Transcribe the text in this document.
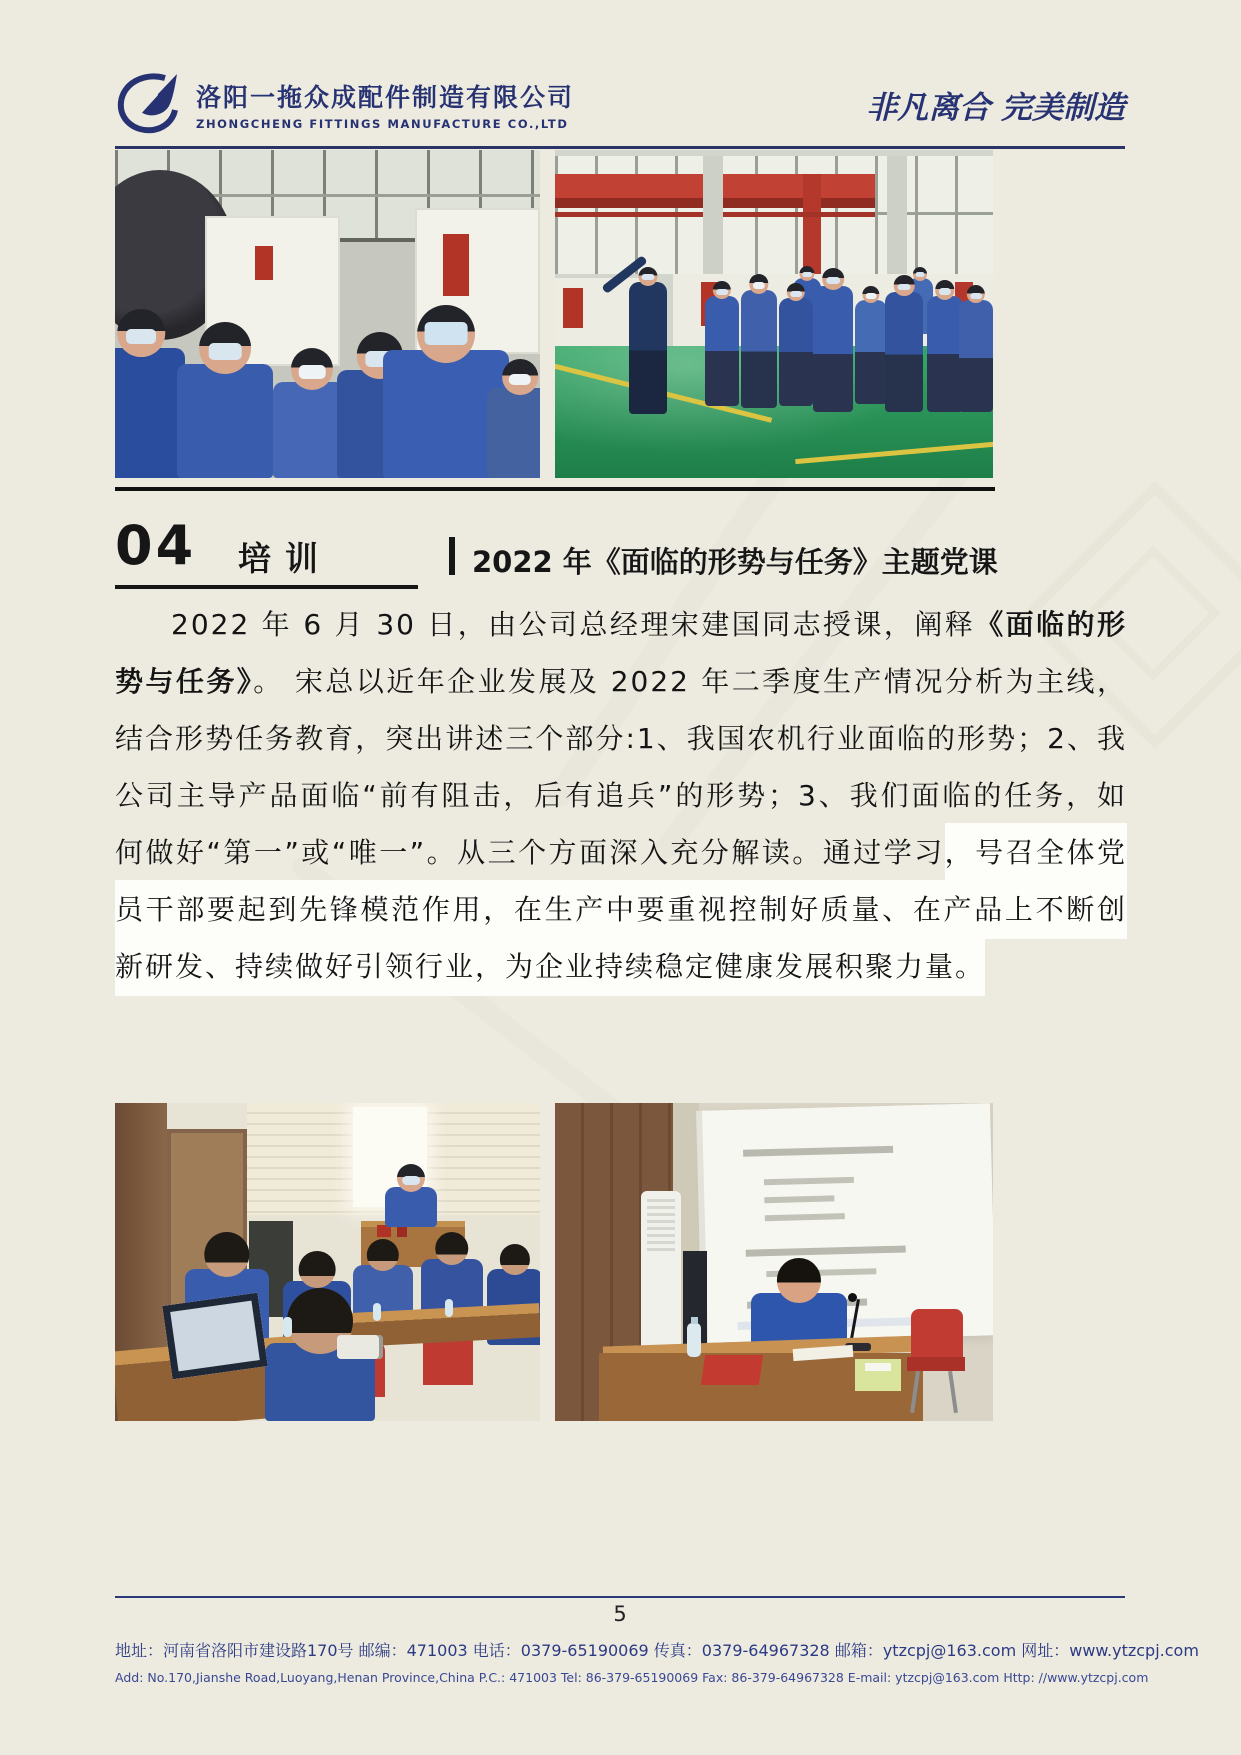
洛阳一拖众成配件制造有限公司
ZHONGCHENG FITTINGS MANUFACTURE CO.,LTD	非凡离合 完美制造
04 培训	2022 年《面临的形势与任务》主题党课

2022 年 6 月 30 日，由公司总经理宋建国同志授课，阐释《面临的形势与任务》。 宋总以近年企业发展及 2022 年二季度生产情况分析为主线，结合形势任务教育，突出讲述三个部分:1、我国农机行业面临的形势；2、我公司主导产品面临“前有阻击，后有追兵”的形势；3、我们面临的任务，如何做好“第一”或“唯一”。从三个方面深入充分解读。通过学习，号召全体党员干部要起到先锋模范作用，在生产中要重视控制好质量、在产品上不断创新研发、持续做好引领行业，为企业持续稳定健康发展积聚力量。

5
地址：河南省洛阳市建设路170号 邮编：471003 电话：0379-65190069 传真：0379-64967328 邮箱：ytzcpj@163.com 网址：www.ytzcpj.com
Add: No.170,Jianshe Road,Luoyang,Henan Province,China P.C.: 471003 Tel: 86-379-65190069 Fax: 86-379-64967328 E-mail: ytzcpj@163.com Http: //www.ytzcpj.com
